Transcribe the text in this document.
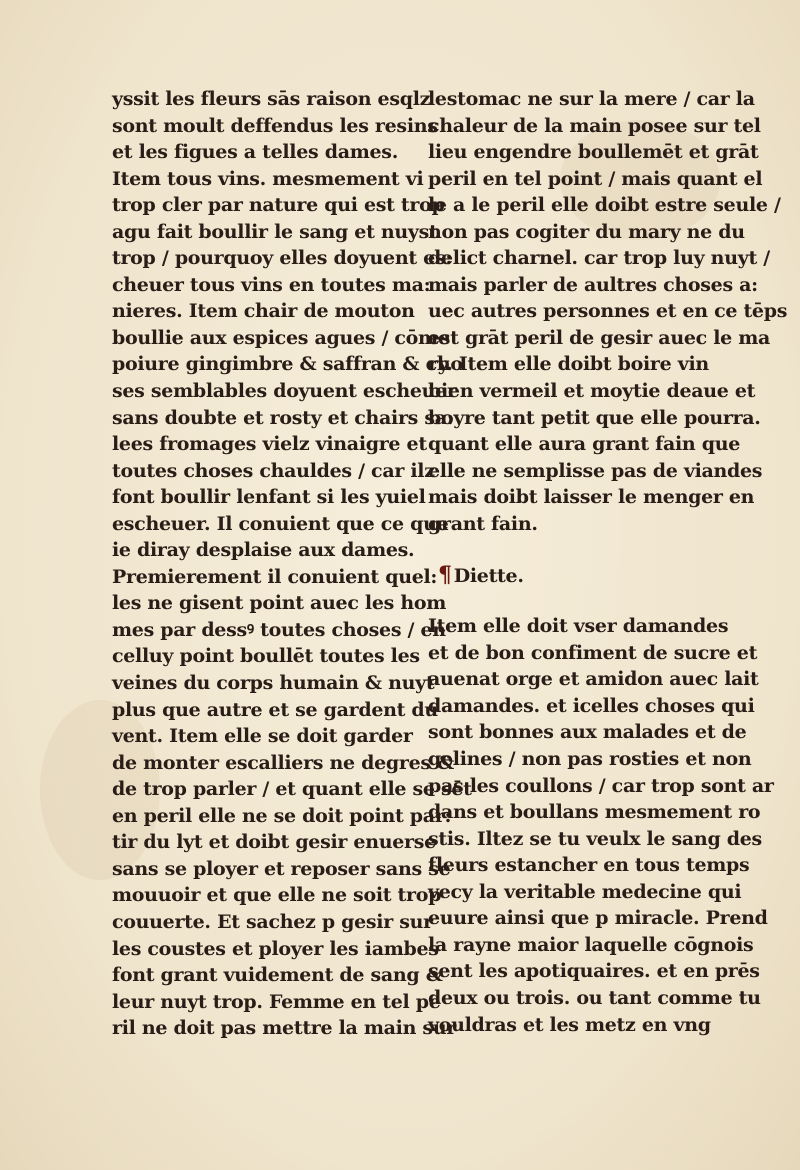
yssit les fleurs sās raison esqlz
sont moult deffendus les resins
et les figues a telles dames.
Item tous vins. mesmement vi
trop cler par nature qui est trop
agu fait boullir le sang et nuyst
trop / pourquoy elles doyuent es:
cheuer tous vins en toutes ma:
nieres. Item chair de mouton
boullie aux espices agues / cōme
poiure gingimbre & saffran & cho
ses semblables doyuent escheuer
sans doubte et rosty et chairs sa:
lees fromages vielz vinaigre et
toutes choses chauldes / car ilz
font boullir lenfant si les yuiel
escheuer. Il conuient que ce que
ie diray desplaise aux dames.
Premierement il conuient quel:
les ne gisent point auec les hom
mes par dessꝰ toutes choses / en
celluy point boullēt toutes les
veines du corps humain & nuyt
plus que autre et se gardent du
vent. Item elle se doit garder
de monter escalliers ne degres &
de trop parler / et quant elle se sēt
en peril elle ne se doit point par:
tir du lyt et doibt gesir enuerse
sans se ployer et reposer sans se
mouuoir et que elle ne soit trop
couuerte. Et sachez p gesir sur
les coustes et ployer les iambes
font grant vuidement de sang &
leur nuyt trop. Femme en tel pe
ril ne doit pas mettre la main sur
lestomac ne sur la mere / car la
chaleur de la main posee sur tel
lieu engendre boullemēt et grāt
peril en tel point / mais quant el
le a le peril elle doibt estre seule /
non pas cogiter du mary ne du
delict charnel. car trop luy nuyt /
mais parler de aultres choses a:
uec autres personnes et en ce tēps
est grāt peril de gesir auec le ma
ry. Item elle doibt boire vin
bien vermeil et moytie deaue et
boyre tant petit que elle pourra.
quant elle aura grant fain que
elle ne semplisse pas de viandes
mais doibt laisser le menger en
grant fain.
¶ Diette.
Item elle doit vser damandes
et de bon confiment de sucre et
auenat orge et amidon auec lait
damandes. et icelles choses qui
sont bonnes aux malades et de
gelines / non pas rosties et non
pas les coullons / car trop sont ar
dans et boullans mesmement ro
stis. Iltez se tu veulx le sang des
fleurs estancher en tous temps
vecy la veritable medecine qui
euure ainsi que p miracle. Prend
la rayne maior laquelle cōgnois
sent les apotiquaires. et en prēs
deux ou trois. ou tant comme tu
vouldras et les metz en vng
